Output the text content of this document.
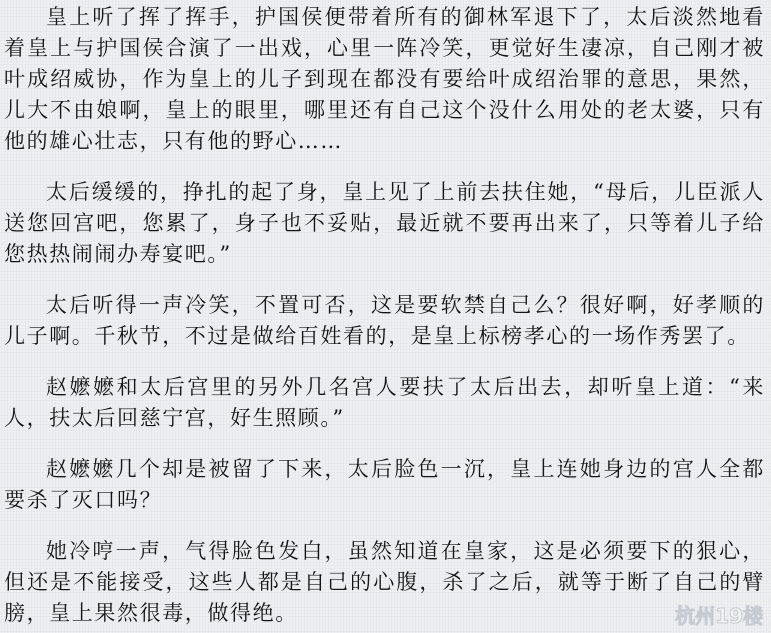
皇上听了挥了挥手，护国侯便带着所有的御林军退下了，太后淡然地看着皇上与护国侯合演了一出戏，心里一阵冷笑，更觉好生凄凉，自己刚才被叶成绍威协，作为皇上的儿子到现在都没有要给叶成绍治罪的意思，果然，儿大不由娘啊，皇上的眼里，哪里还有自己这个没什么用处的老太婆，只有他的雄心壮志，只有他的野心……

太后缓缓的，挣扎的起了身，皇上见了上前去扶住她，“母后，儿臣派人送您回宫吧，您累了，身子也不妥贴，最近就不要再出来了，只等着儿子给您热热闹闹办寿宴吧。”

太后听得一声冷笑，不置可否，这是要软禁自己么？很好啊，好孝顺的儿子啊。千秋节，不过是做给百姓看的，是皇上标榜孝心的一场作秀罢了。

赵嬷嬷和太后宫里的另外几名宫人要扶了太后出去，却听皇上道：“来人，扶太后回慈宁宫，好生照顾。”

赵嬷嬷几个却是被留了下来，太后脸色一沉，皇上连她身边的宫人全都要杀了灭口吗？

她冷哼一声，气得脸色发白，虽然知道在皇家，这是必须要下的狠心，但还是不能接受，这些人都是自己的心腹，杀了之后，就等于断了自己的臂膀，皇上果然很毒，做得绝。	杭州19楼
